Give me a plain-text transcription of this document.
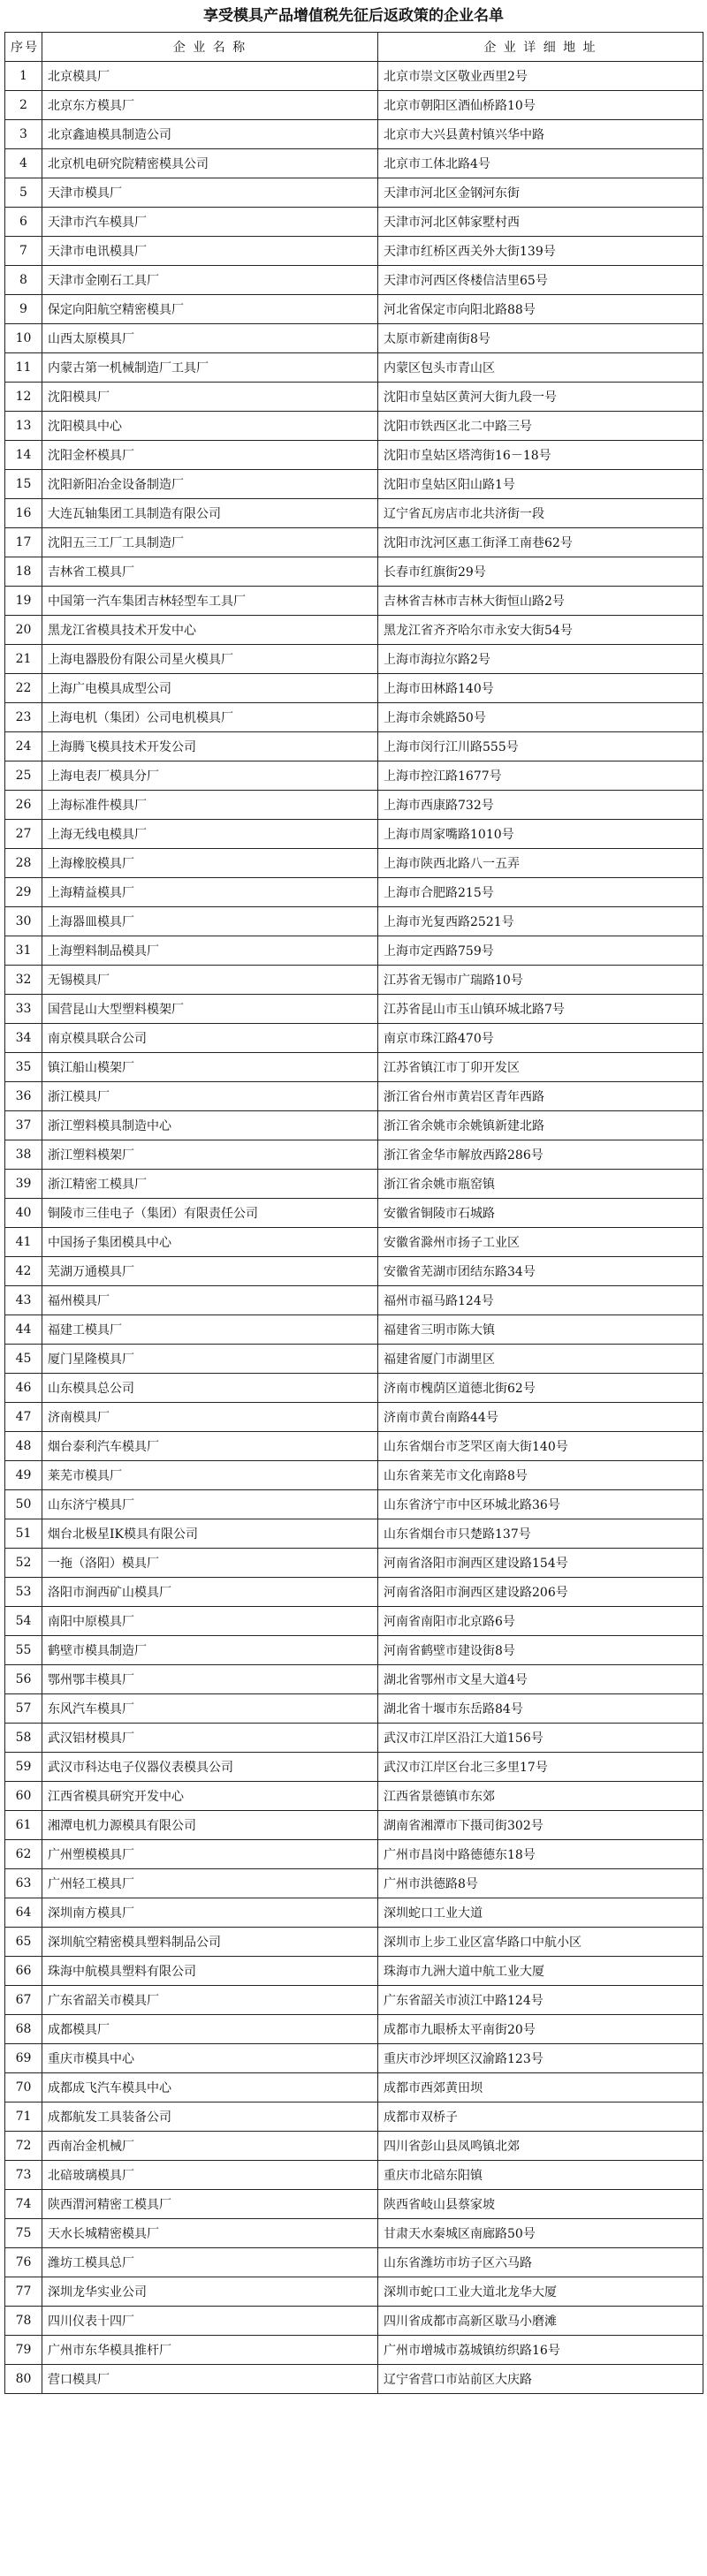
享受模具产品增值税先征后返政策的企业名单
序号	企 业 名 称	企 业 详 细 地 址
1	北京模具厂	北京市崇文区敬业西里2号
2	北京东方模具厂	北京市朝阳区酒仙桥路10号
3	北京鑫迪模具制造公司	北京市大兴县黄村镇兴华中路
4	北京机电研究院精密模具公司	北京市工体北路4号
5	天津市模具厂	天津市河北区金钢河东街
6	天津市汽车模具厂	天津市河北区韩家墅村西
7	天津市电讯模具厂	天津市红桥区西关外大街139号
8	天津市金刚石工具厂	天津市河西区佟楼信洁里65号
9	保定向阳航空精密模具厂	河北省保定市向阳北路88号
10	山西太原模具厂	太原市新建南街8号
11	内蒙古第一机械制造厂工具厂	内蒙区包头市青山区
12	沈阳模具厂	沈阳市皇姑区黄河大街九段一号
13	沈阳模具中心	沈阳市铁西区北二中路三号
14	沈阳金杯模具厂	沈阳市皇姑区塔湾街16－18号
15	沈阳新阳冶金设备制造厂	沈阳市皇姑区阳山路1号
16	大连瓦轴集团工具制造有限公司	辽宁省瓦房店市北共济街一段
17	沈阳五三工厂工具制造厂	沈阳市沈河区惠工街泽工南巷62号
18	吉林省工模具厂	长春市红旗街29号
19	中国第一汽车集团吉林轻型车工具厂	吉林省吉林市吉林大街恒山路2号
20	黑龙江省模具技术开发中心	黑龙江省齐齐哈尔市永安大街54号
21	上海电器股份有限公司星火模具厂	上海市海拉尔路2号
22	上海广电模具成型公司	上海市田林路140号
23	上海电机（集团）公司电机模具厂	上海市余姚路50号
24	上海腾飞模具技术开发公司	上海市闵行江川路555号
25	上海电表厂模具分厂	上海市控江路1677号
26	上海标准件模具厂	上海市西康路732号
27	上海无线电模具厂	上海市周家嘴路1010号
28	上海橡胶模具厂	上海市陕西北路八一五弄
29	上海精益模具厂	上海市合肥路215号
30	上海器皿模具厂	上海市光复西路2521号
31	上海塑料制品模具厂	上海市定西路759号
32	无锡模具厂	江苏省无锡市广瑞路10号
33	国营昆山大型塑料模架厂	江苏省昆山市玉山镇环城北路7号
34	南京模具联合公司	南京市珠江路470号
35	镇江船山模架厂	江苏省镇江市丁卯开发区
36	浙江模具厂	浙江省台州市黄岩区青年西路
37	浙江塑料模具制造中心	浙江省余姚市余姚镇新建北路
38	浙江塑料模架厂	浙江省金华市解放西路286号
39	浙江精密工模具厂	浙江省余姚市瓶窑镇
40	铜陵市三佳电子（集团）有限责任公司	安徽省铜陵市石城路
41	中国扬子集团模具中心	安徽省滁州市扬子工业区
42	芜湖万通模具厂	安徽省芜湖市团结东路34号
43	福州模具厂	福州市福马路124号
44	福建工模具厂	福建省三明市陈大镇
45	厦门星隆模具厂	福建省厦门市湖里区
46	山东模具总公司	济南市槐荫区道德北街62号
47	济南模具厂	济南市黄台南路44号
48	烟台泰利汽车模具厂	山东省烟台市芝罘区南大街140号
49	莱芜市模具厂	山东省莱芜市文化南路8号
50	山东济宁模具厂	山东省济宁市中区环城北路36号
51	烟台北极星IK模具有限公司	山东省烟台市只楚路137号
52	一拖（洛阳）模具厂	河南省洛阳市涧西区建设路154号
53	洛阳市涧西矿山模具厂	河南省洛阳市涧西区建设路206号
54	南阳中原模具厂	河南省南阳市北京路6号
55	鹤壁市模具制造厂	河南省鹤壁市建设街8号
56	鄂州鄂丰模具厂	湖北省鄂州市文星大道4号
57	东风汽车模具厂	湖北省十堰市东岳路84号
58	武汉铝材模具厂	武汉市江岸区沿江大道156号
59	武汉市科达电子仪器仪表模具公司	武汉市江岸区台北三多里17号
60	江西省模具研究开发中心	江西省景德镇市东郊
61	湘潭电机力源模具有限公司	湖南省湘潭市下摄司街302号
62	广州塑模模具厂	广州市昌岗中路德德东18号
63	广州轻工模具厂	广州市洪德路8号
64	深圳南方模具厂	深圳蛇口工业大道
65	深圳航空精密模具塑料制品公司	深圳市上步工业区富华路口中航小区
66	珠海中航模具塑料有限公司	珠海市九洲大道中航工业大厦
67	广东省韶关市模具厂	广东省韶关市浈江中路124号
68	成都模具厂	成都市九眼桥太平南街20号
69	重庆市模具中心	重庆市沙坪坝区汉渝路123号
70	成都成飞汽车模具中心	成都市西郊黄田坝
71	成都航发工具装备公司	成都市双桥子
72	西南冶金机械厂	四川省彭山县凤鸣镇北郊
73	北碚玻璃模具厂	重庆市北碚东阳镇
74	陕西渭河精密工模具厂	陕西省岐山县蔡家坡
75	天水长城精密模具厂	甘肃天水秦城区南廊路50号
76	潍坊工模具总厂	山东省潍坊市坊子区六马路
77	深圳龙华实业公司	深圳市蛇口工业大道北龙华大厦
78	四川仪表十四厂	四川省成都市高新区歇马小磨滩
79	广州市东华模具推杆厂	广州市增城市荔城镇纺织路16号
80	营口模具厂	辽宁省营口市站前区大庆路
